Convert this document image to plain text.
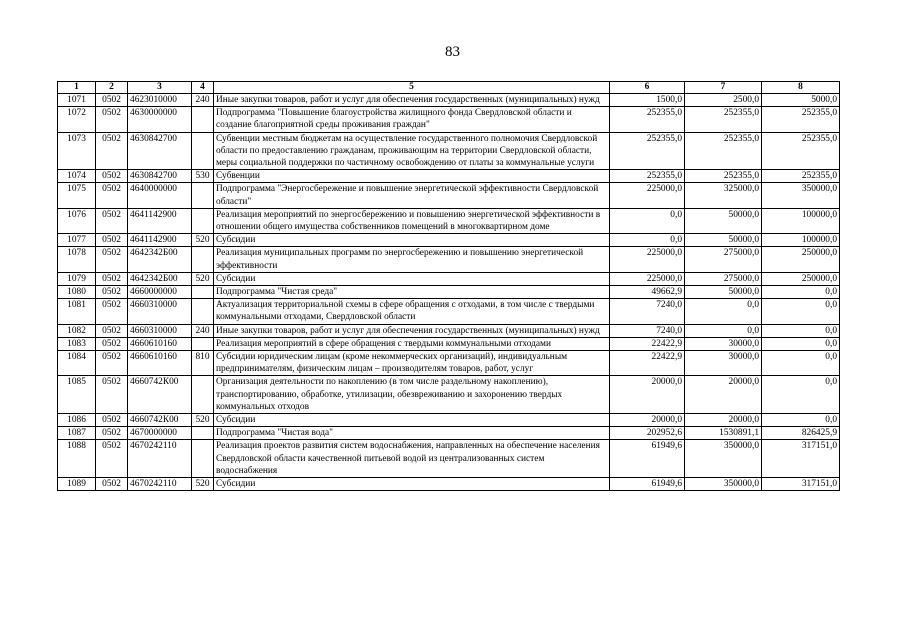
83
1	2	3	4	5	6	7	8
1071	0502	4623010000	240	Иные закупки товаров, работ и услуг для обеспечения государственных (муниципальных) нужд	1500,0	2500,0	5000,0
1072	0502	4630000000		Подпрограмма "Повышение благоустройства жилищного фонда Свердловской области и создание благоприятной среды проживания граждан"	252355,0	252355,0	252355,0
1073	0502	4630842700		Субвенции местным бюджетам на осуществление государственного полномочия Свердловской области по предоставлению гражданам, проживающим на территории Свердловской области, меры социальной поддержки по частичному освобождению от платы за коммунальные услуги	252355,0	252355,0	252355,0
1074	0502	4630842700	530	Субвенции	252355,0	252355,0	252355,0
1075	0502	4640000000		Подпрограмма "Энергосбережение и повышение энергетической эффективности Свердловской области"	225000,0	325000,0	350000,0
1076	0502	4641142900		Реализация мероприятий по энергосбережению и повышению энергетической эффективности в отношении общего имущества собственников помещений в многоквартирном доме	0,0	50000,0	100000,0
1077	0502	4641142900	520	Субсидии	0,0	50000,0	100000,0
1078	0502	4642342Б00		Реализация муниципальных программ по энергосбережению и повышению энергетической эффективности	225000,0	275000,0	250000,0
1079	0502	4642342Б00	520	Субсидии	225000,0	275000,0	250000,0
1080	0502	4660000000		Подпрограмма "Чистая среда"	49662,9	50000,0	0,0
1081	0502	4660310000		Актуализация территориальной схемы в сфере обращения с отходами, в том числе с твердыми коммунальными отходами, Свердловской области	7240,0	0,0	0,0
1082	0502	4660310000	240	Иные закупки товаров, работ и услуг для обеспечения государственных (муниципальных) нужд	7240,0	0,0	0,0
1083	0502	4660610160		Реализация мероприятий в сфере обращения с твердыми коммунальными отходами	22422,9	30000,0	0,0
1084	0502	4660610160	810	Субсидии юридическим лицам (кроме некоммерческих организаций), индивидуальным предпринимателям, физическим лицам – производителям товаров, работ, услуг	22422,9	30000,0	0,0
1085	0502	4660742К00		Организация деятельности по накоплению (в том числе раздельному накоплению), транспортированию, обработке, утилизации, обезвреживанию и захоронению твердых коммунальных отходов	20000,0	20000,0	0,0
1086	0502	4660742К00	520	Субсидии	20000,0	20000,0	0,0
1087	0502	4670000000		Подпрограмма "Чистая вода"	202952,6	1530891,1	826425,9
1088	0502	4670242110		Реализация проектов развития систем водоснабжения, направленных на обеспечение населения Свердловской области качественной питьевой водой из централизованных систем водоснабжения	61949,6	350000,0	317151,0
1089	0502	4670242110	520	Субсидии	61949,6	350000,0	317151,0
